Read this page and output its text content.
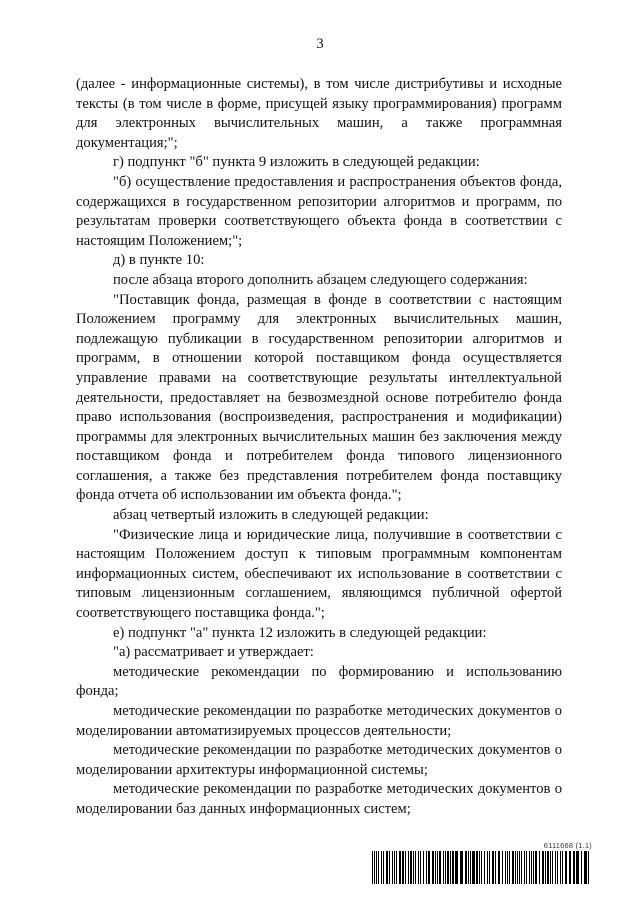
3

(далее - информационные системы), в том числе дистрибутивы и исходные тексты (в том числе в форме, присущей языку программирования) программ для электронных вычислительных машин, а также программная документация;";

г) подпункт "б" пункта 9 изложить в следующей редакции:

"б) осуществление предоставления и распространения объектов фонда, содержащихся в государственном репозитории алгоритмов и программ, по результатам проверки соответствующего объекта фонда в соответствии с настоящим Положением;";

д) в пункте 10:

после абзаца второго дополнить абзацем следующего содержания:

"Поставщик фонда, размещая в фонде в соответствии с настоящим Положением программу для электронных вычислительных машин, подлежащую публикации в государственном репозитории алгоритмов и программ, в отношении которой поставщиком фонда осуществляется управление правами на соответствующие результаты интеллектуальной деятельности, предоставляет на безвозмездной основе потребителю фонда право использования (воспроизведения, распространения и модификации) программы для электронных вычислительных машин без заключения между поставщиком фонда и потребителем фонда типового лицензионного соглашения, а также без представления потребителем фонда поставщику фонда отчета об использовании им объекта фонда.";

абзац четвертый изложить в следующей редакции:

"Физические лица и юридические лица, получившие в соответствии с настоящим Положением доступ к типовым программным компонентам информационных систем, обеспечивают их использование в соответствии с типовым лицензионным соглашением, являющимся публичной офертой соответствующего поставщика фонда.";

е) подпункт "а" пункта 12 изложить в следующей редакции:

"а) рассматривает и утверждает:

методические рекомендации по формированию и использованию фонда;

методические рекомендации по разработке методических документов о моделировании автоматизируемых процессов деятельности;

методические рекомендации по разработке методических документов о моделировании архитектуры информационной системы;

методические рекомендации по разработке методических документов о моделировании баз данных информационных систем;

6111668 (1.1)
